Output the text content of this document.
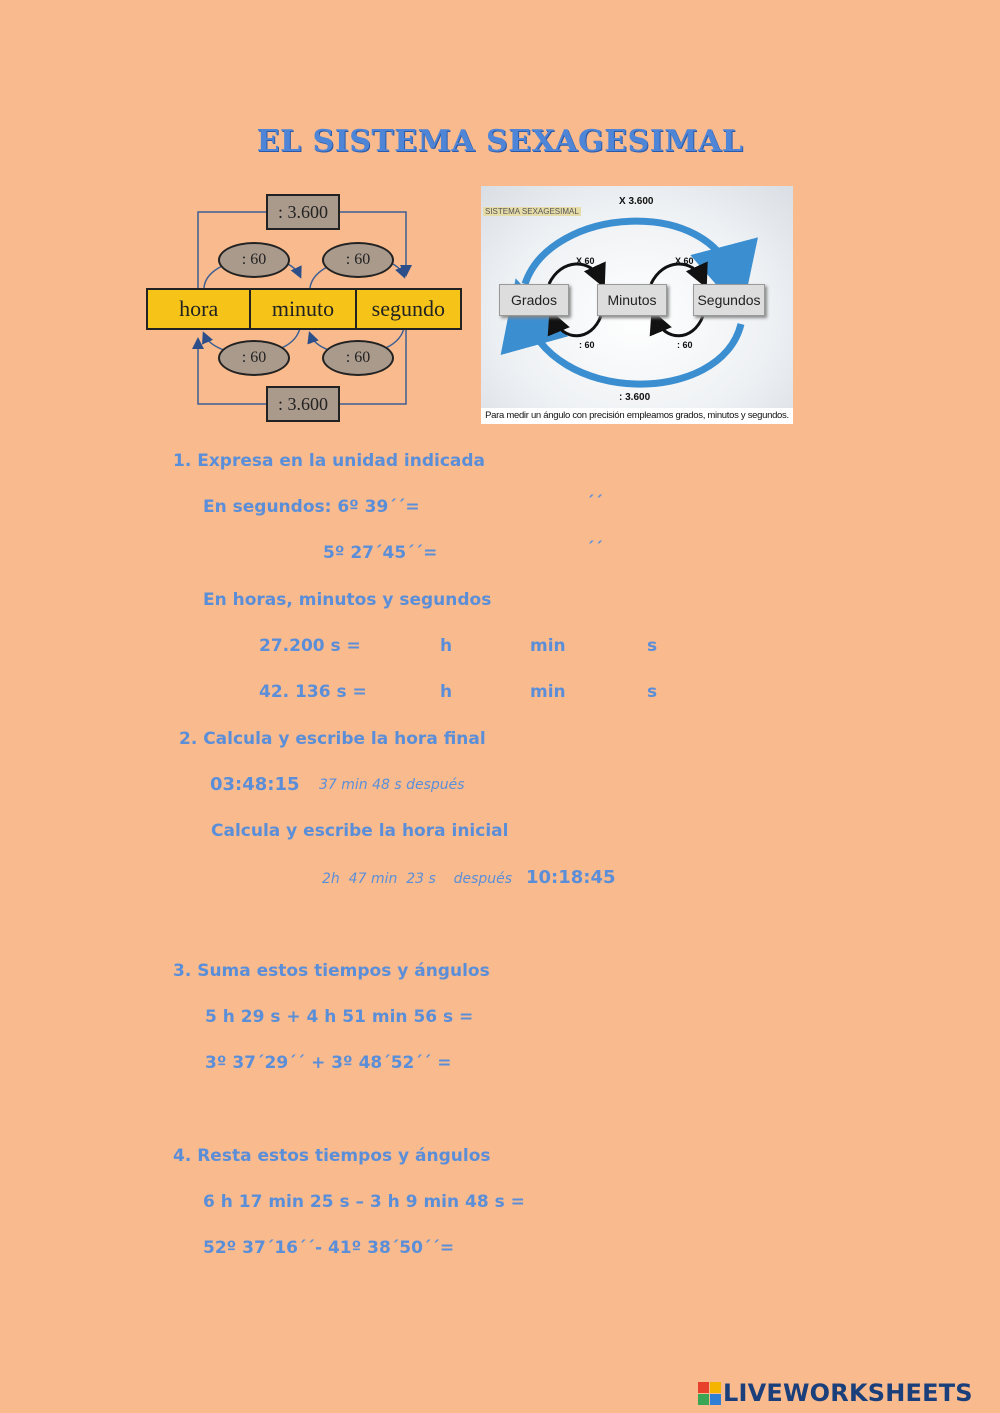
EL SISTEMA SEXAGESIMAL
: 3.600
: 60	: 60
hora	minuto	segundo
: 60	: 60
: 3.600
SISTEMA SEXAGESIMAL
X 3.600
X 60	X 60
Grados	Minutos	Segundos
: 60	: 60
: 3.600
Para medir un ángulo con precisión empleamos grados, minutos y segundos.
1. Expresa en la unidad indicada
En segundos: 6º 39´´=	´´
5º 27´45´´=	´´
En horas, minutos y segundos
27.200 s =	h	min	s
42. 136 s =	h	min	s
2. Calcula y escribe la hora final
03:48:15 37 min 48 s después
Calcula y escribe la hora inicial
2h  47 min  23 s    después 10:18:45
3. Suma estos tiempos y ángulos
5 h 29 s + 4 h 51 min 56 s =
3º 37´29´´ + 3º 48´52´´ =
4. Resta estos tiempos y ángulos
6 h 17 min 25 s – 3 h 9 min 48 s =
52º 37´16´´- 41º 38´50´´=
LIVEWORKSHEETS
